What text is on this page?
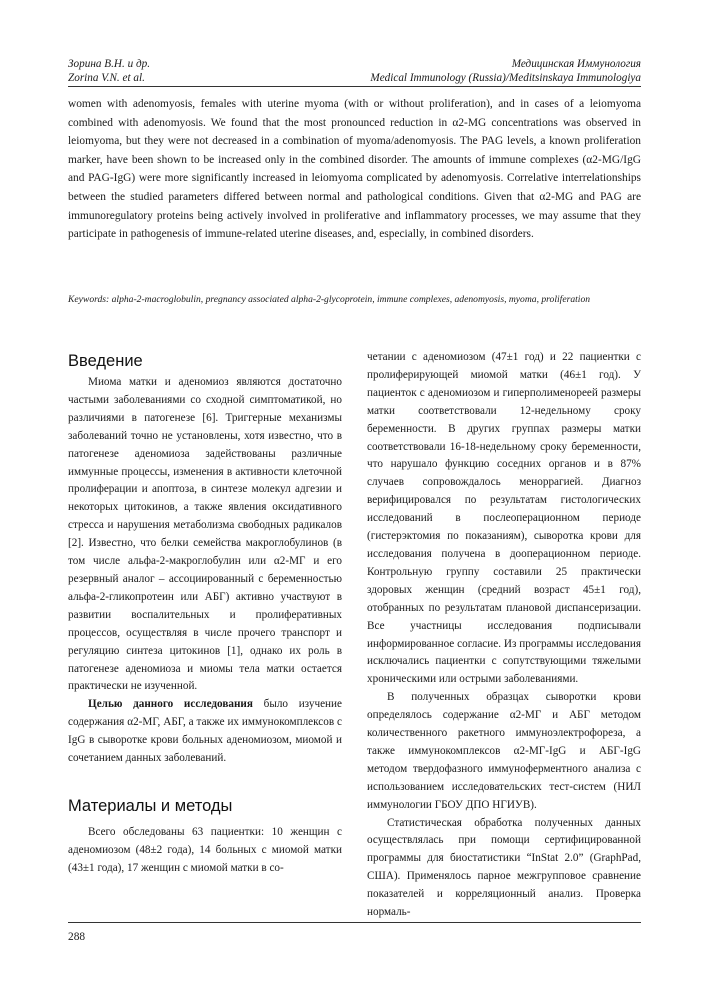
Зорина В.Н. и др.
Zorina V.N. et al.
Медицинская Иммунология
Medical Immunology (Russia)/Meditsinskaya Immunologiya

women with adenomyosis, females with uterine myoma (with or without proliferation), and in cases of a leiomyoma combined with adenomyosis. We found that the most pronounced reduction in α2-MG concentrations was observed in leiomyoma, but they were not decreased in a combination of myoma/adenomyosis. The PAG levels, a known proliferation marker, have been shown to be increased only in the combined disorder. The amounts of immune complexes (α2-MG/IgG and PAG-IgG) were more significantly increased in leiomyoma complicated by adenomyosis. Correlative interrelationships between the studied parameters differed between normal and pathological conditions. Given that α2-MG and PAG are immunoregulatory proteins being actively involved in proliferative and inflammatory processes, we may assume that they participate in pathogenesis of immune-related uterine diseases, and, especially, in combined disorders.

Keywords: alpha-2-macroglobulin, pregnancy associated alpha-2-glycoprotein, immune complexes, adenomyosis, myoma, proliferation

Введение

Миома матки и аденомиоз являются достаточно частыми заболеваниями со сходной симптоматикой, но различиями в патогенезе [6]. Триггерные механизмы заболеваний точно не установлены, хотя известно, что в патогенезе аденомиоза задействованы различные иммунные процессы, изменения в активности клеточной пролиферации и апоптоза, в синтезе молекул адгезии и некоторых цитокинов, а также явления оксидативного стресса и нарушения метаболизма свободных радикалов [2]. Известно, что белки семейства макроглобулинов (в том числе альфа-2-макроглобулин или α2-МГ и его резервный аналог – ассоциированный с беременностью альфа-2-гликопротеин или АБГ) активно участвуют в развитии воспалительных и пролиферативных процессов, осуществляя в числе прочего транспорт и регуляцию синтеза цитокинов [1], однако их роль в патогенезе аденомиоза и миомы тела матки остается практически не изученной.

Целью данного исследования было изучение содержания α2-МГ, АБГ, а также их иммунокомплексов с IgG в сыворотке крови больных аденомиозом, миомой и сочетанием данных заболеваний.

Материалы и методы

Всего обследованы 63 пациентки: 10 женщин с аденомиозом (48±2 года), 14 больных с миомой матки (43±1 года), 17 женщин с миомой матки в со-

четании с аденомиозом (47±1 год) и 22 пациентки с пролиферирующей миомой матки (46±1 год). У пациенток с аденомиозом и гиперполименореей размеры матки соответствовали 12-недельному сроку беременности. В других группах размеры матки соответствовали 16-18-недельному сроку беременности, что нарушало функцию соседних органов и в 87% случаев сопровождалось меноррагией. Диагноз верифицировался по результатам гистологических исследований в послеоперационном периоде (гистерэктомия по показаниям), сыворотка крови для исследования получена в дооперационном периоде. Контрольную группу составили 25 практически здоровых женщин (средний возраст 45±1 год), отобранных по результатам плановой диспансеризации. Все участницы исследования подписывали информированное согласие. Из программы исследования исключались пациентки с сопутствующими тяжелыми хроническими или острыми заболеваниями.

В полученных образцах сыворотки крови определялось содержание α2-МГ и АБГ методом количественного ракетного иммуноэлектрофореза, а также иммунокомплексов α2-МГ-IgG и АБГ-IgG методом твердофазного иммуноферментного анализа с использованием исследовательских тест-систем (НИЛ иммунологии ГБОУ ДПО НГИУВ).

Статистическая обработка полученных данных осуществлялась при помощи сертифицированной программы для биостатистики “InStat 2.0” (GraphPad, США). Применялось парное межгрупповое сравнение показателей и корреляционный анализ. Проверка нормаль-

288
